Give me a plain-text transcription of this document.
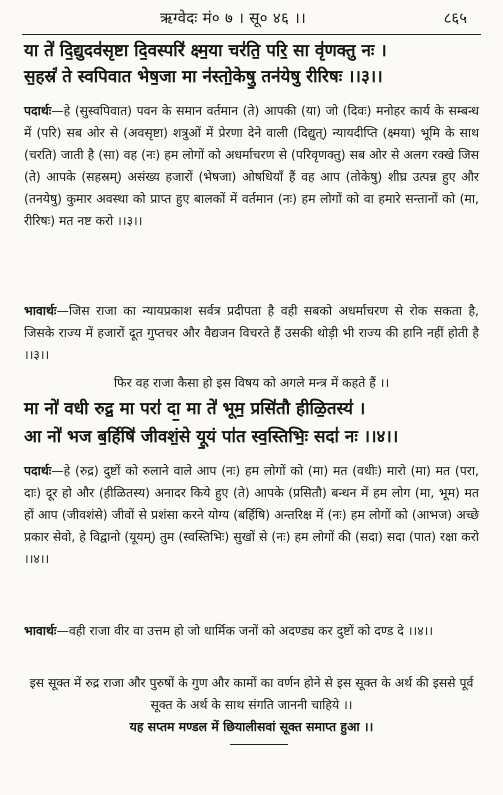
ऋग्वेदः मं० ७ । सू० ४६ ।।	८६५
या ते॑ दि॒द्युदव॑सृष्टा दि॒वस्परि॑ क्ष्म॒या चर॑ति॒ परि॒ सा वृ॑णक्तु नः ।
स॒हस्रं॑ ते स्वपिवात भेष॒जा मा न॑स्तो॒केषु॒ तन॑येषु रीरिषः ।।३।।
पदार्थः—हे (सुस्वपिवात) पवन के समान वर्तमान (ते) आपकी (या) जो (दिवः) मनोहर कार्य के सम्बन्ध में (परि) सब ओर से (अवसृष्टा) शत्रुओं में प्रेरणा देने वाली (दिद्युत्) न्यायदीप्ति (क्ष्मया) भूमि के साथ (चरति) जाती है (सा) वह (नः) हम लोगों को अधर्माचरण से (परिवृणक्तु) सब ओर से अलग रक्खे जिस (ते) आपके (सहस्रम्) असंख्य हजारों (भेषजा) ओषधियाँ हैं वह आप (तोकेषु) शीघ्र उत्पन्न हुए और (तनयेषु) कुमार अवस्था को प्राप्त हुए बालकों में वर्तमान (नः) हम लोगों को वा हमारे सन्तानों को (मा, रीरिषः) मत नष्ट करो ।।३।।
भावार्थः—जिस राजा का न्यायप्रकाश सर्वत्र प्रदीपता है वही सबको अधर्माचरण से रोक सकता है, जिसके राज्य में हजारों दूत गुप्तचर और वैद्यजन विचरते हैं उसकी थोड़ी भी राज्य की हानि नहीं होती है ।।३।।
फिर वह राजा कैसा हो इस विषय को अगले मन्त्र में कहते हैं ।।
मा नो॑ वधी रुद्र॒ मा परा॑ दा॒ मा ते॑ भूम॒ प्रसि॑तौ हीळि॒तस्य॑ ।
आ नो॑ भज ब॒र्हिषि॑ जीवशं॒से यू॒यं पा॑त स्व॒स्तिभिः॒ सदा॑ नः ।।४।।
पदार्थः—हे (रुद्र) दुष्टों को रुलाने वाले आप (नः) हम लोगों को (मा) मत (वधीः) मारो (मा) मत (परा, दाः) दूर हो और (हीळितस्य) अनादर किये हुए (ते) आपके (प्रसितौ) बन्धन में हम लोग (मा, भूम) मत हों आप (जीवशंसे) जीवों से प्रशंसा करने योग्य (बर्हिषि) अन्तरिक्ष में (नः) हम लोगों को (आभज) अच्छे प्रकार सेवो, हे विद्वानो (यूयम्) तुम (स्वस्तिभिः) सुखों से (नः) हम लोगों की (सदा) सदा (पात) रक्षा करो ।।४।।
भावार्थः—वही राजा वीर वा उत्तम हो जो धार्मिक जनों को अदण्ड्य कर दुष्टों को दण्ड दे ।।४।।
इस सूक्त में रुद्र राजा और पुरुषों के गुण और कामों का वर्णन होने से इस सूक्त के अर्थ की इससे पूर्व सूक्त के अर्थ के साथ संगति जाननी चाहिये ।।
यह सप्तम मण्डल में छियालीसवां सूक्त समाप्त हुआ ।।
